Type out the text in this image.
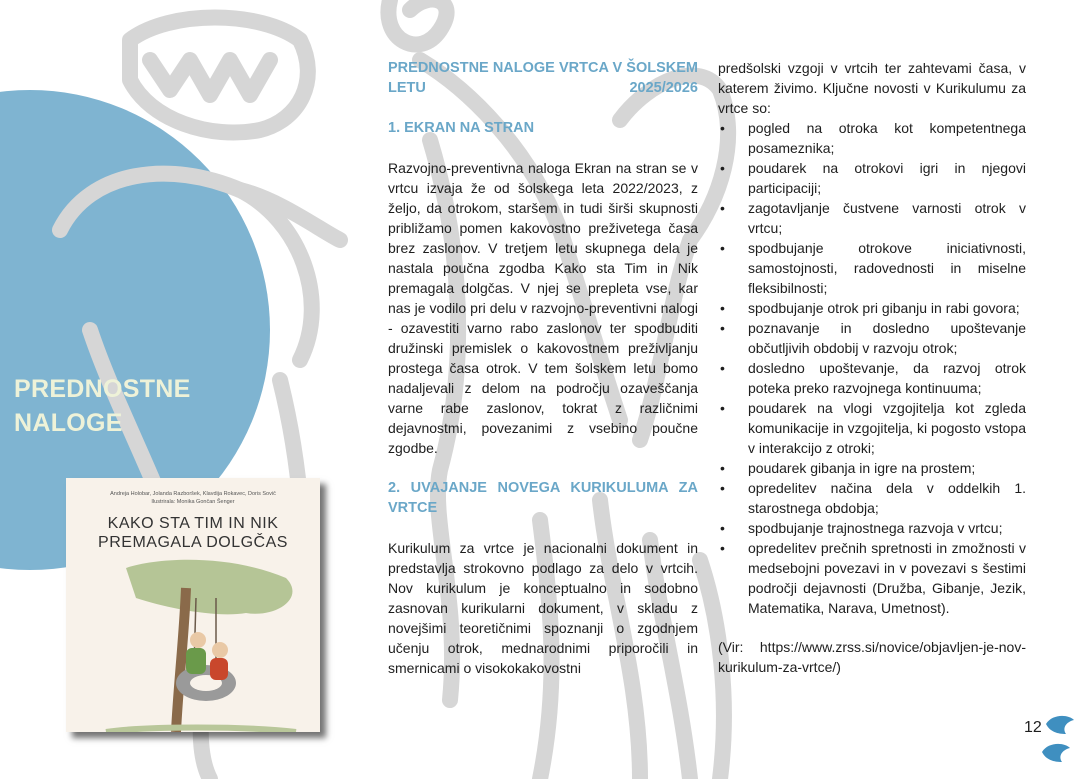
PREDNOSTNE
NALOGE
Andreja Holobar, Jolanda Razboršek, Klavdija Rokavec, Doris Sovič
Ilustrirala: Monika Gončan Šenger
KAKO STA TIM IN NIK
PREMAGALA DOLGČAS
PREDNOSTNE NALOGE VRTCA V ŠOLSKEM LETU 2025/2026
1. EKRAN NA STRAN

Razvojno-preventivna naloga Ekran na stran se v vrtcu izvaja že od šolskega leta 2022/2023, z željo, da otrokom, staršem in tudi širši skupnosti približamo pomen kakovostno preživetega časa brez zaslonov. V tretjem letu skupnega dela je nastala poučna zgodba Kako sta Tim in Nik premagala dolgčas. V njej se prepleta vse, kar nas je vodilo pri delu v razvojno-preventivni nalogi - ozavestiti varno rabo zaslonov ter spodbuditi družinski premislek o kakovostnem preživljanju prostega časa otrok. V tem šolskem letu bomo nadaljevali z delom na področju ozaveščanja varne rabe zaslonov, tokrat z različnimi dejavnostmi, povezanimi z vsebino poučne zgodbe.

2. UVAJANJE NOVEGA KURIKULUMA ZA VRTCE

Kurikulum za vrtce je nacionalni dokument in predstavlja strokovno podlago za delo v vrtcih. Nov kurikulum je konceptualno in sodobno zasnovan kurikularni dokument, v skladu z novejšimi teoretičnimi spoznanji o zgodnjem učenju otrok, mednarodnimi priporočili in smernicami o visokokakovostni

predšolski vzgoji v vrtcih ter zahtevami časa, v katerem živimo. Ključne novosti v Kurikulumu za vrtce so:

• pogled na otroka kot kompetentnega posameznika;
• poudarek na otrokovi igri in njegovi participaciji;
• zagotavljanje čustvene varnosti otrok v vrtcu;
• spodbujanje otrokove iniciativnosti, samostojnosti, radovednosti in miselne fleksibilnosti;
• spodbujanje otrok pri gibanju in rabi govora;
• poznavanje in dosledno upoštevanje občutljivih obdobij v razvoju otrok;
• dosledno upoštevanje, da razvoj otrok poteka preko razvojnega kontinuuma;
• poudarek na vlogi vzgojitelja kot zgleda komunikacije in vzgojitelja, ki pogosto vstopa v interakcijo z otroki;
• poudarek gibanja in igre na prostem;
• opredelitev načina dela v oddelkih 1. starostnega obdobja;
• spodbujanje trajnostnega razvoja v vrtcu;
• opredelitev prečnih spretnosti in zmožnosti v medsebojni povezavi in v povezavi s šestimi področji dejavnosti (Družba, Gibanje, Jezik, Matematika, Narava, Umetnost).

(Vir: https://www.zrss.si/novice/objavljen-je-nov-kurikulum-za-vrtce/)

12
